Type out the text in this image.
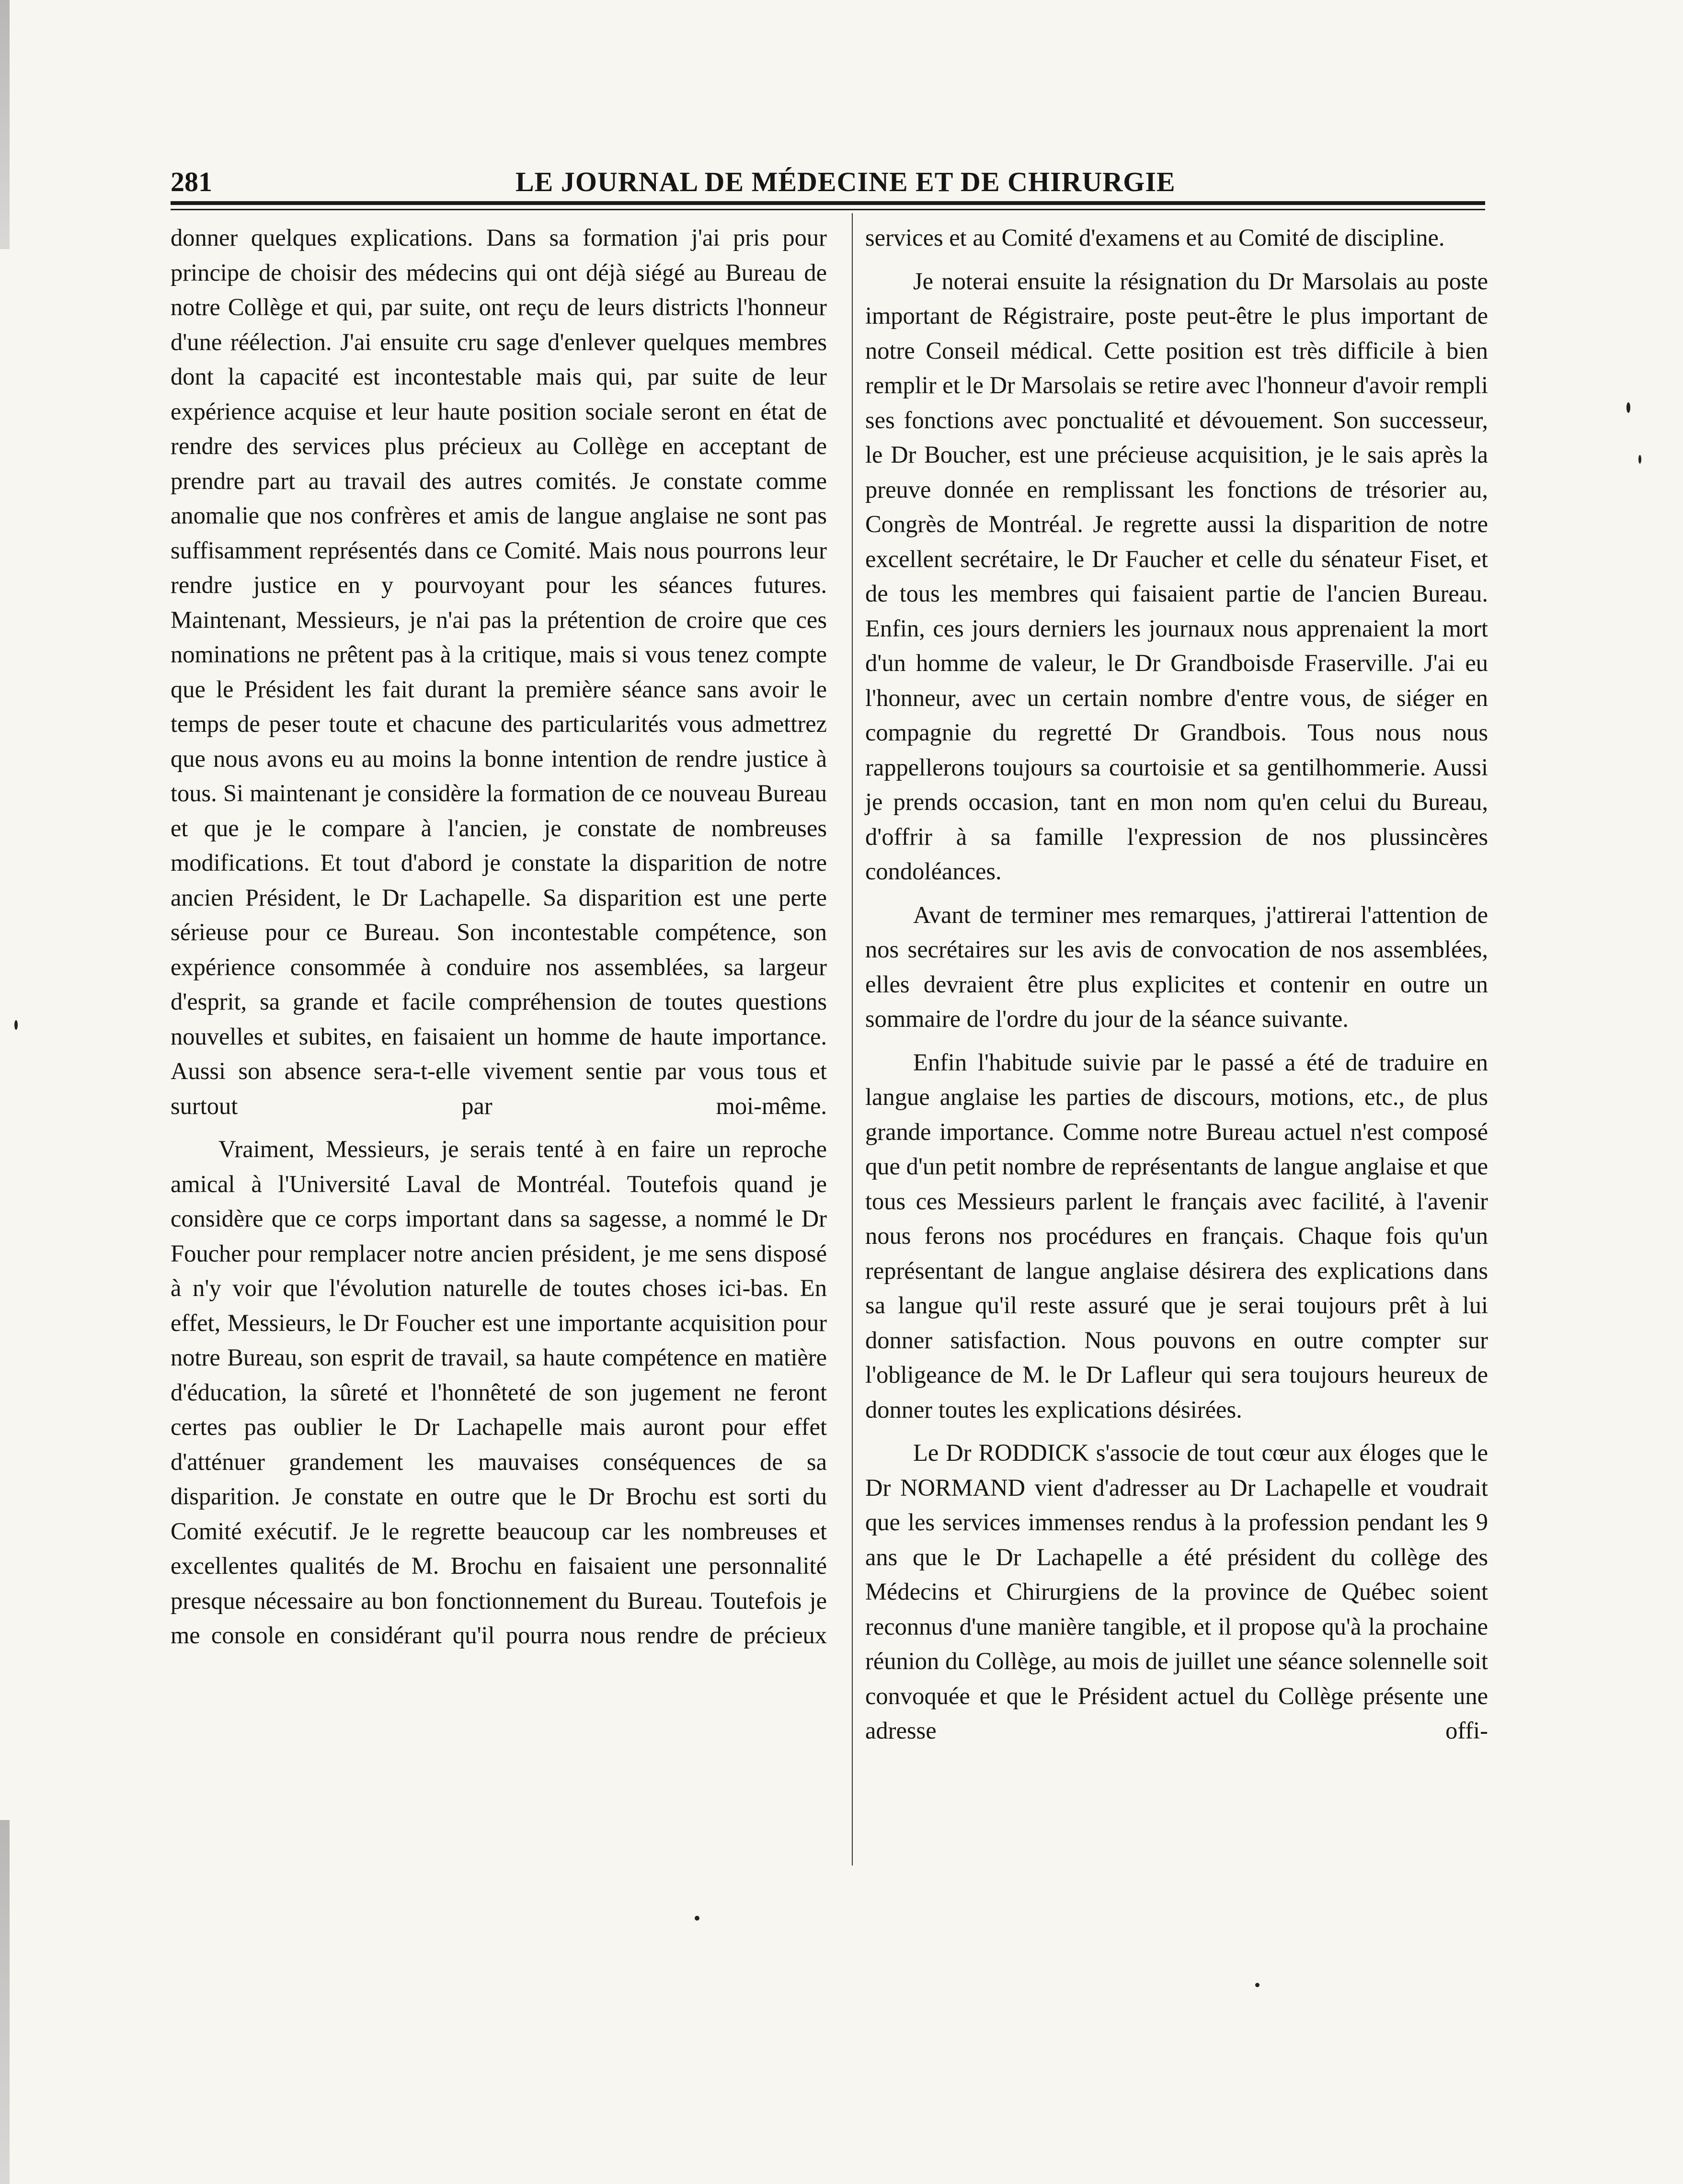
281	LE JOURNAL DE MÉDECINE ET DE CHIRURGIE

donner quelques explications. Dans sa formation j'ai pris pour principe de choisir des médecins qui ont déjà siégé au Bureau de notre Collège et qui, par suite, ont reçu de leurs districts l'honneur d'une réélection. J'ai ensuite cru sage d'enlever quelques membres dont la capacité est incontestable mais qui, par suite de leur expérience acquise et leur haute position sociale seront en état de rendre des services plus précieux au Collège en acceptant de prendre part au travail des autres comités. Je constate comme anomalie que nos confrères et amis de langue anglaise ne sont pas suffisamment représentés dans ce Comité. Mais nous pourrons leur rendre justice en y pourvoyant pour les séances futures. Maintenant, Messieurs, je n'ai pas la prétention de croire que ces nominations ne prêtent pas à la critique, mais si vous tenez compte que le Président les fait durant la première séance sans avoir le temps de peser toute et chacune des particularités vous admettrez que nous avons eu au moins la bonne intention de rendre justice à tous. Si maintenant je considère la formation de ce nouveau Bureau et que je le compare à l'ancien, je constate de nombreuses modifications. Et tout d'abord je constate la disparition de notre ancien Président, le Dr Lachapelle. Sa disparition est une perte sérieuse pour ce Bureau. Son incontestable compétence, son expérience consommée à conduire nos assemblées, sa largeur d'esprit, sa grande et facile compréhension de toutes questions nouvelles et subites, en faisaient un homme de haute importance. Aussi son absence sera-t-elle vivement sentie par vous tous et surtout par moi-même.

Vraiment, Messieurs, je serais tenté à en faire un reproche amical à l'Université Laval de Montréal. Toutefois quand je considère que ce corps important dans sa sagesse, a nommé le Dr Foucher pour remplacer notre ancien président, je me sens disposé à n'y voir que l'évolution naturelle de toutes choses ici-bas. En effet, Messieurs, le Dr Foucher est une importante acquisition pour notre Bureau, son esprit de travail, sa haute compétence en matière d'éducation, la sûreté et l'honnêteté de son jugement ne feront certes pas oublier le Dr Lachapelle mais auront pour effet d'atténuer grandement les mauvaises conséquences de sa disparition. Je constate en outre que le Dr Brochu est sorti du Comité exécutif. Je le regrette beaucoup car les nombreuses et excellentes qualités de M. Brochu en faisaient une personnalité presque nécessaire au bon fonctionnement du Bureau. Toutefois je me console en considérant qu'il pourra nous rendre de précieux

services et au Comité d'examens et au Comité de discipline.

Je noterai ensuite la résignation du Dr Marsolais au poste important de Régistraire, poste peut-être le plus important de notre Conseil médical. Cette position est très difficile à bien remplir et le Dr Marsolais se retire avec l'honneur d'avoir rempli ses fonctions avec ponctualité et dévouement. Son successeur, le Dr Boucher, est une précieuse acquisition, je le sais après la preuve donnée en remplissant les fonctions de trésorier au, Congrès de Montréal. Je regrette aussi la disparition de notre excellent secrétaire, le Dr Faucher et celle du sénateur Fiset, et de tous les membres qui faisaient partie de l'ancien Bureau. Enfin, ces jours derniers les journaux nous apprenaient la mort d'un homme de valeur, le Dr Grandboisde Fraserville. J'ai eu l'honneur, avec un certain nombre d'entre vous, de siéger en compagnie du regretté Dr Grandbois. Tous nous nous rappellerons toujours sa courtoisie et sa gentilhommerie. Aussi je prends occasion, tant en mon nom qu'en celui du Bureau, d'offrir à sa famille l'expression de nos plussincères condoléances.

Avant de terminer mes remarques, j'attirerai l'attention de nos secrétaires sur les avis de convocation de nos assemblées, elles devraient être plus explicites et contenir en outre un sommaire de l'ordre du jour de la séance suivante.

Enfin l'habitude suivie par le passé a été de traduire en langue anglaise les parties de discours, motions, etc., de plus grande importance. Comme notre Bureau actuel n'est composé que d'un petit nombre de représentants de langue anglaise et que tous ces Messieurs parlent le français avec facilité, à l'avenir nous ferons nos procédures en français. Chaque fois qu'un représentant de langue anglaise désirera des explications dans sa langue qu'il reste assuré que je serai toujours prêt à lui donner satisfaction. Nous pouvons en outre compter sur l'obligeance de M. le Dr Lafleur qui sera toujours heureux de donner toutes les explications désirées.

Le Dr RODDICK s'associe de tout cœur aux éloges que le Dr NORMAND vient d'adresser au Dr Lachapelle et voudrait que les services immenses rendus à la profession pendant les 9 ans que le Dr Lachapelle a été président du collège des Médecins et Chirurgiens de la province de Québec soient reconnus d'une manière tangible, et il propose qu'à la prochaine réunion du Collège, au mois de juillet une séance solennelle soit convoquée et que le Président actuel du Collège présente une adresse offi-
